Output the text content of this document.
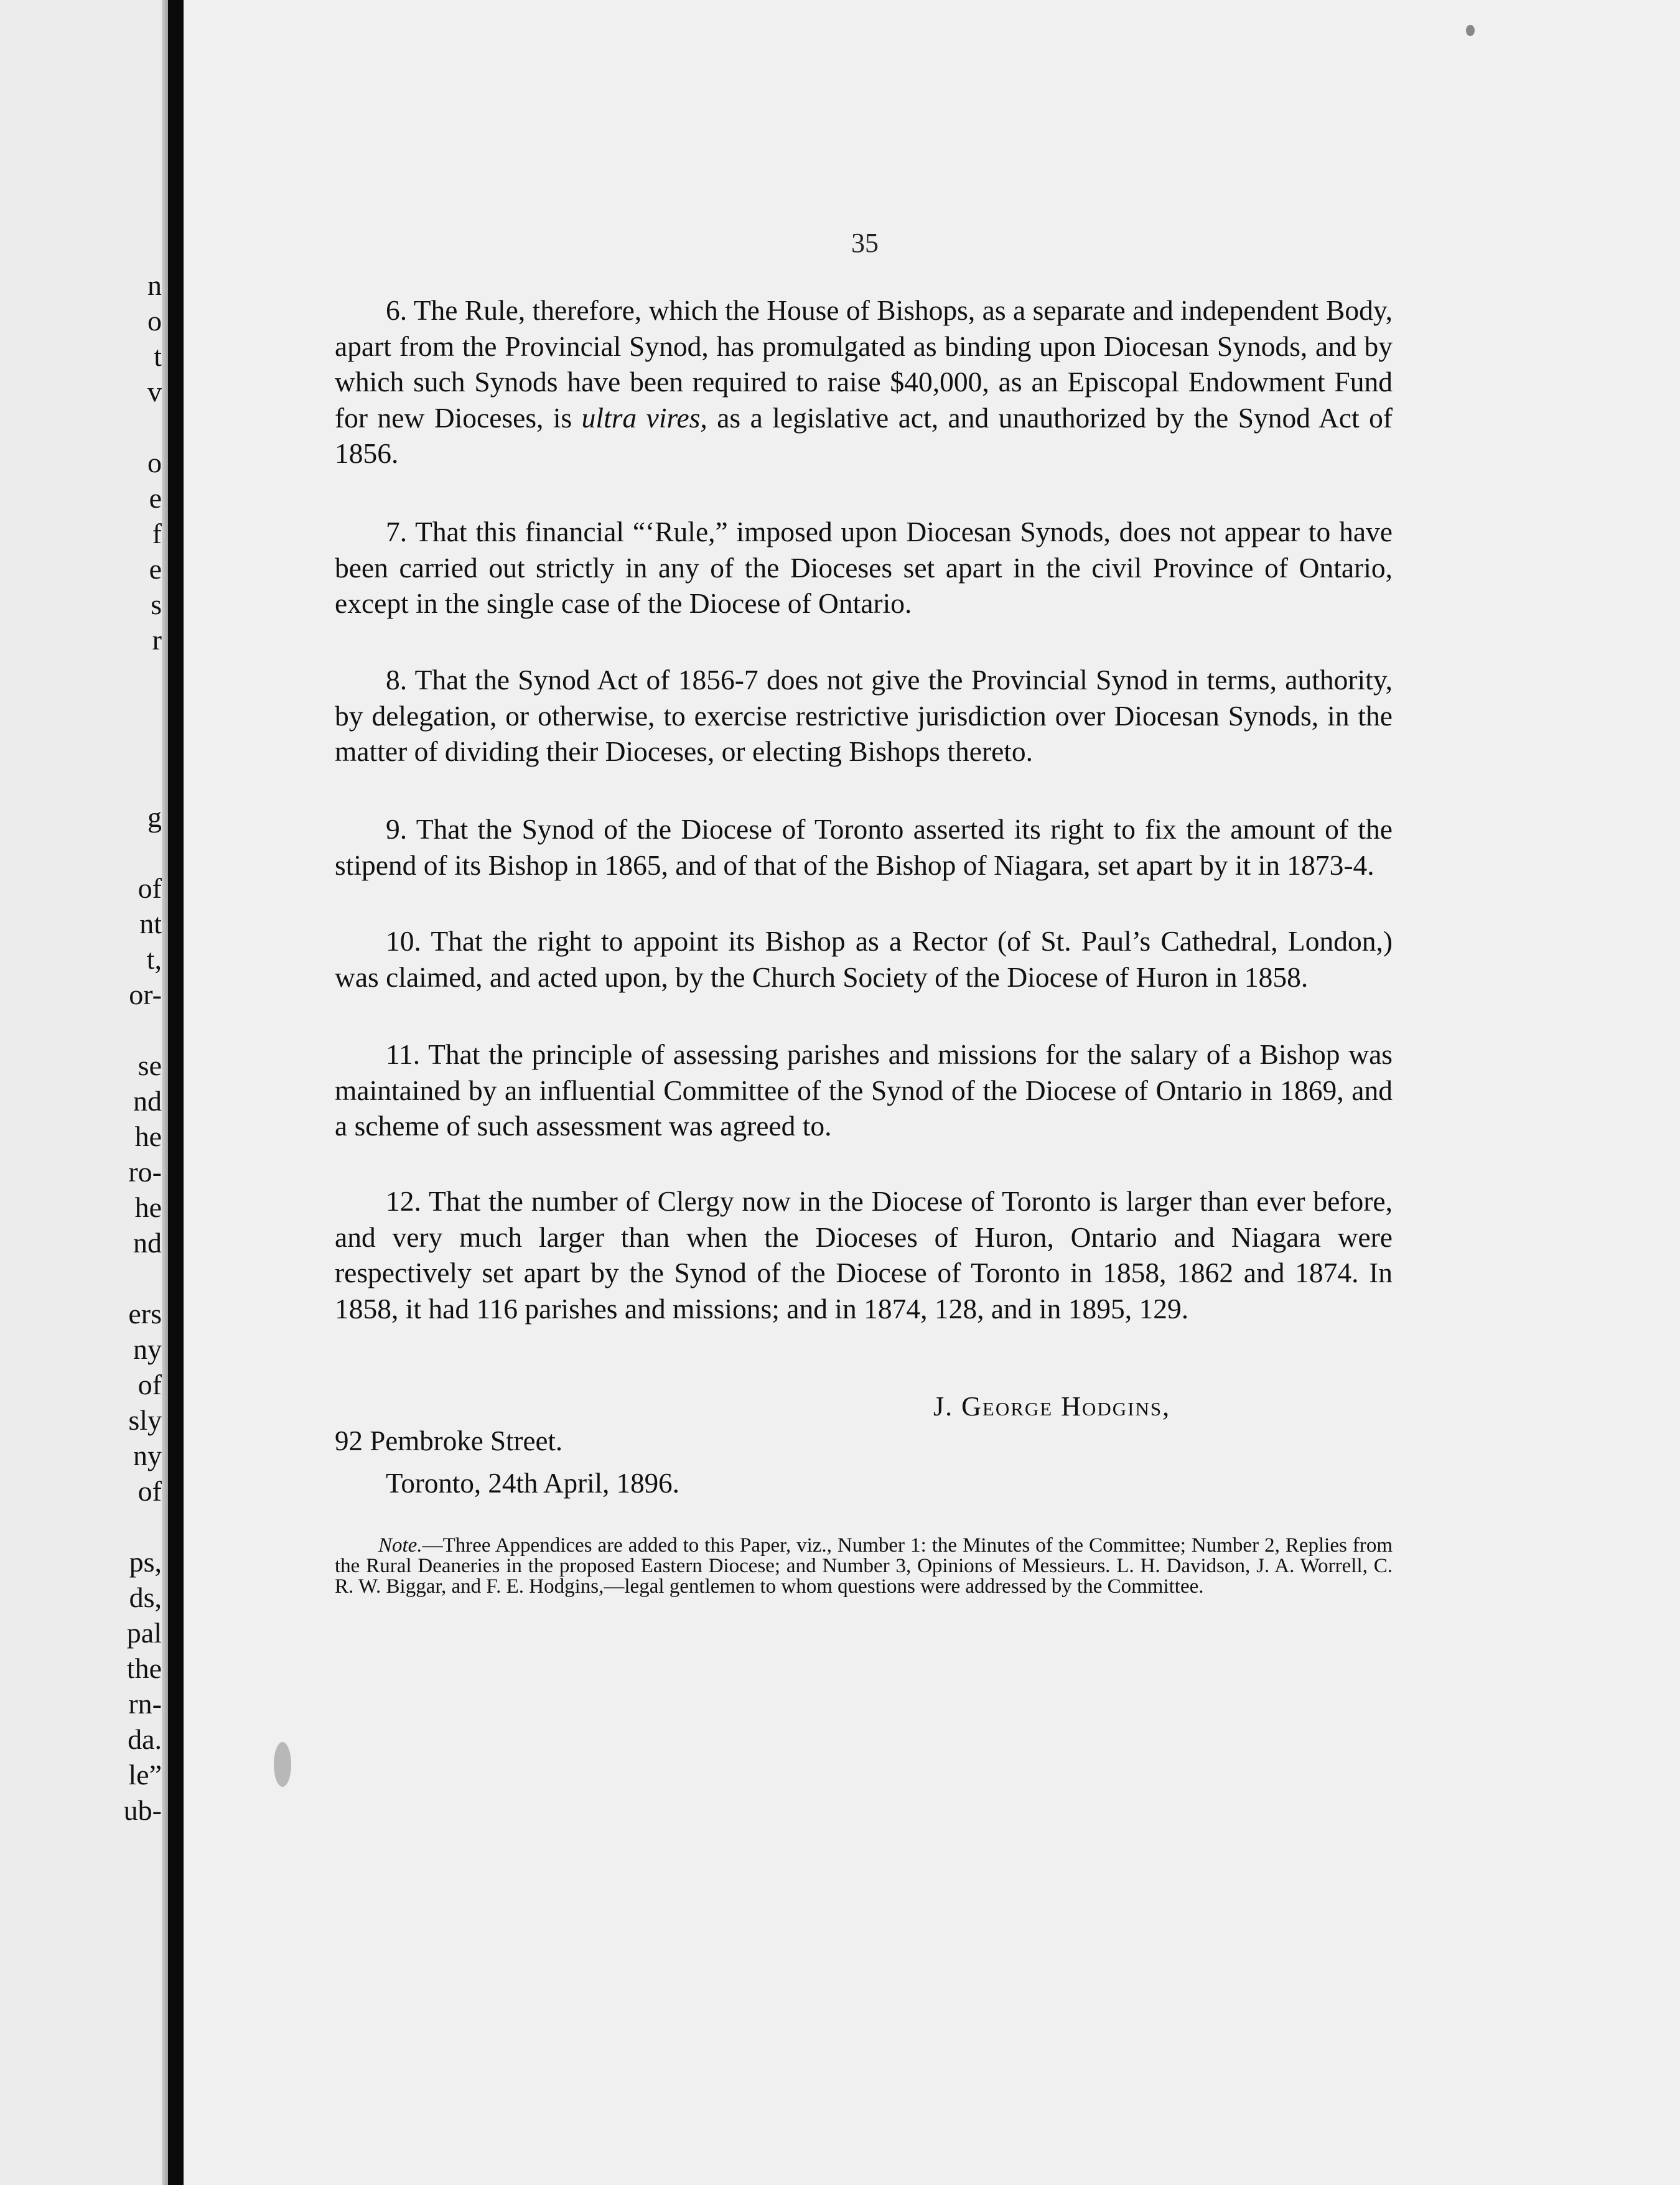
n
o
t
v
o
e
f
e
s
r
g
of
nt
t,
or-
se
nd
he
ro-
he
nd
ers
ny
of
sly
ny
of
ps,
ds,
pal
the
rn-
da.
le”
ub-
35
6. The Rule, therefore, which the House of Bishops, as a separate and independent Body, apart from the Provincial Synod, has promulgated as binding upon Diocesan Synods, and by which such Synods have been required to raise $40,000, as an Episcopal Endowment Fund for new Dioceses, is ultra vires, as a legislative act, and unauthorized by the Synod Act of 1856.
7. That this financial “‘Rule,” imposed upon Diocesan Synods, does not appear to have been carried out strictly in any of the Dioceses set apart in the civil Province of Ontario, except in the single case of the Diocese of Ontario.
8. That the Synod Act of 1856-7 does not give the Provincial Synod in terms, authority, by delegation, or otherwise, to exercise restrictive jurisdiction over Diocesan Synods, in the matter of dividing their Dioceses, or electing Bishops thereto.
9. That the Synod of the Diocese of Toronto asserted its right to fix the amount of the stipend of its Bishop in 1865, and of that of the Bishop of Niagara, set apart by it in 1873-4.
10. That the right to appoint its Bishop as a Rector (of St. Paul’s Cathedral, London,) was claimed, and acted upon, by the Church Society of the Diocese of Huron in 1858.
11. That the principle of assessing parishes and missions for the salary of a Bishop was maintained by an influential Committee of the Synod of the Diocese of Ontario in 1869, and a scheme of such assessment was agreed to.
12. That the number of Clergy now in the Diocese of Toronto is larger than ever before, and very much larger than when the Dioceses of Huron, Ontario and Niagara were respectively set apart by the Synod of the Diocese of Toronto in 1858, 1862 and 1874. In 1858, it had 116 parishes and missions; and in 1874, 128, and in 1895, 129.
J. George Hodgins,
92 Pembroke Street.
Toronto, 24th April, 1896.
Note.—Three Appendices are added to this Paper, viz., Number 1: the Minutes of the Committee; Number 2, Replies from the Rural Deaneries in the proposed Eastern Diocese; and Number 3, Opinions of Messieurs. L. H. Davidson, J. A. Worrell, C. R. W. Biggar, and F. E. Hodgins,—legal gentlemen to whom questions were addressed by the Committee.
